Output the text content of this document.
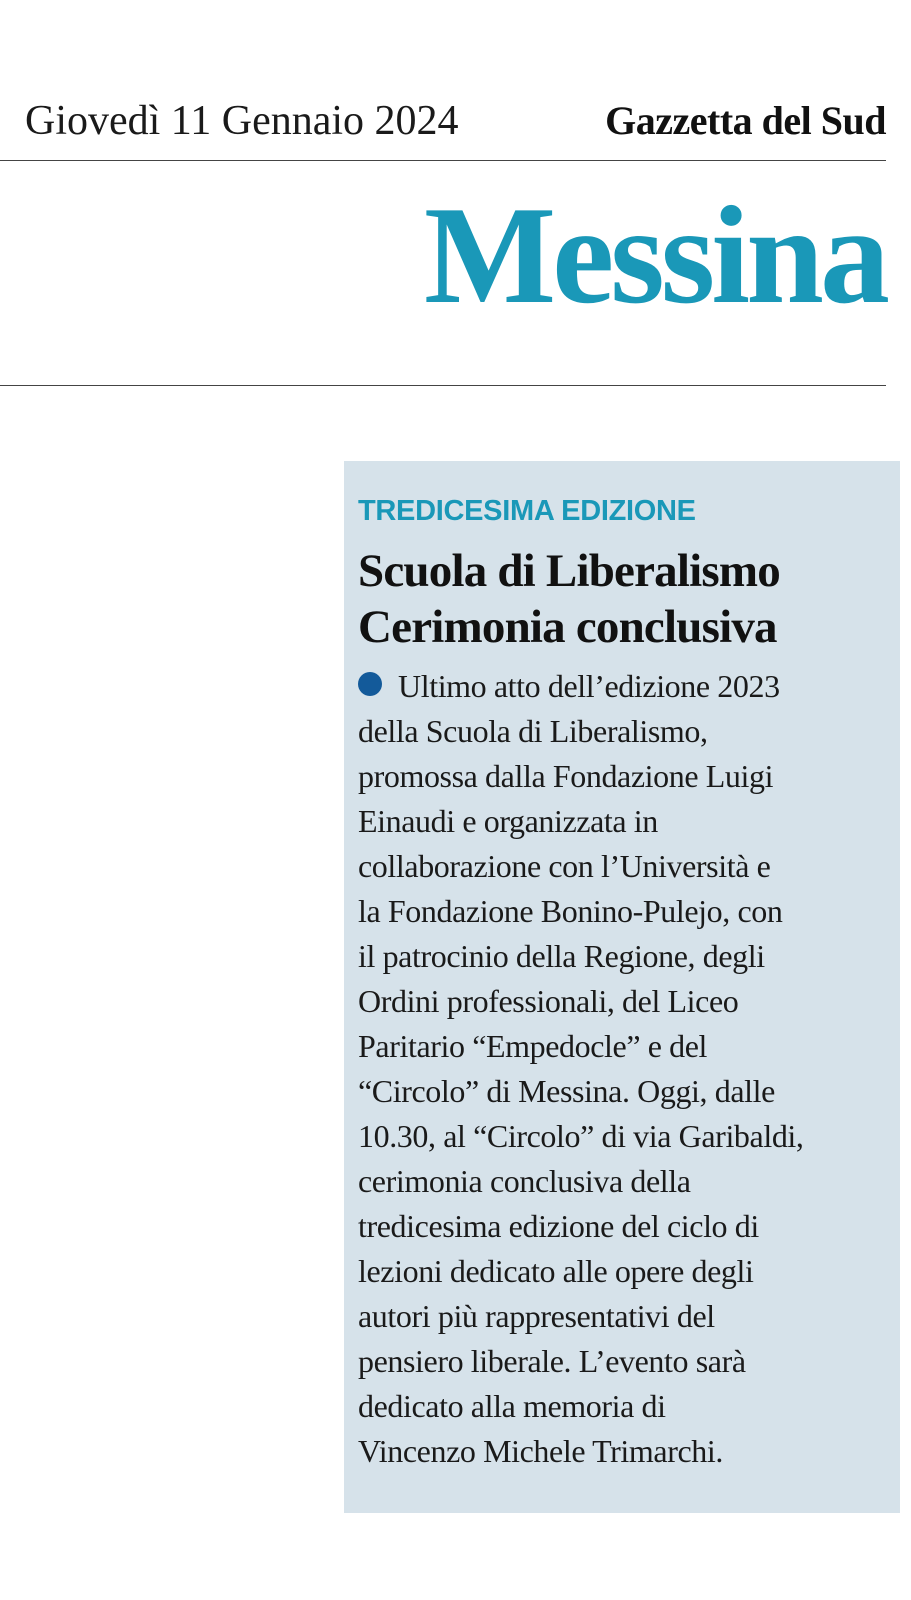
Giovedì 11 Gennaio 2024	Gazzetta del Sud
Messina
TREDICESIMA EDIZIONE
Scuola di Liberalismo
Cerimonia conclusiva
Ultimo atto dell’edizione 2023
della Scuola di Liberalismo,
promossa dalla Fondazione Luigi
Einaudi e organizzata in
collaborazione con l’Università e
la Fondazione Bonino-Pulejo, con
il patrocinio della Regione, degli
Ordini professionali, del Liceo
Paritario “Empedocle” e del
“Circolo” di Messina. Oggi, dalle
10.30, al “Circolo” di via Garibaldi,
cerimonia conclusiva della
tredicesima edizione del ciclo di
lezioni dedicato alle opere degli
autori più rappresentativi del
pensiero liberale. L’evento sarà
dedicato alla memoria di
Vincenzo Michele Trimarchi.
